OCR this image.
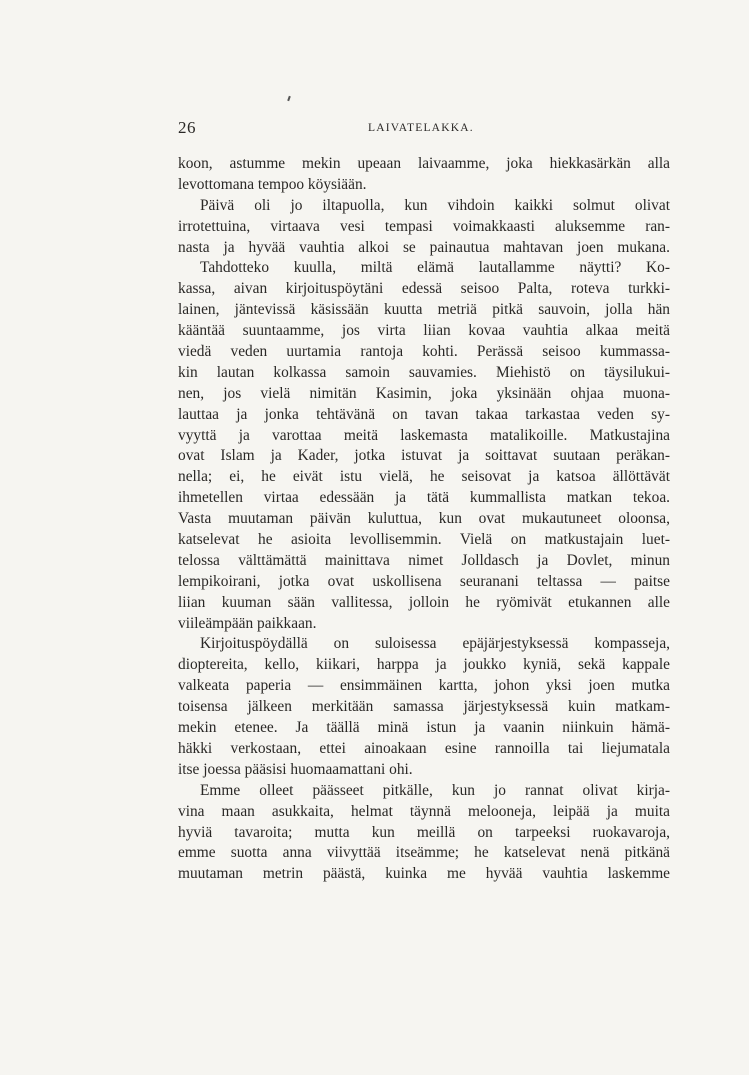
26	LAIVATELAKKA.
koon, astumme mekin upeaan laivaamme, joka hiekkasärkän alla
levottomana tempoo köysiään.
Päivä oli jo iltapuolla, kun vihdoin kaikki solmut olivat
irrotettuina, virtaava vesi tempasi voimakkaasti aluksemme ran-
nasta ja hyvää vauhtia alkoi se painautua mahtavan joen mukana.
Tahdotteko kuulla, miltä elämä lautallamme näytti? Ko-
kassa, aivan kirjoituspöytäni edessä seisoo Palta, roteva turkki-
lainen, jäntevissä käsissään kuutta metriä pitkä sauvoin, jolla hän
kääntää suuntaamme, jos virta liian kovaa vauhtia alkaa meitä
viedä veden uurtamia rantoja kohti. Perässä seisoo kummassa-
kin lautan kolkassa samoin sauvamies. Miehistö on täysilukui-
nen, jos vielä nimitän Kasimin, joka yksinään ohjaa muona-
lauttaa ja jonka tehtävänä on tavan takaa tarkastaa veden sy-
vyyttä ja varottaa meitä laskemasta matalikoille. Matkustajina
ovat Islam ja Kader, jotka istuvat ja soittavat suutaan peräkan-
nella; ei, he eivät istu vielä, he seisovat ja katsoa ällöttävät
ihmetellen virtaa edessään ja tätä kummallista matkan tekoa.
Vasta muutaman päivän kuluttua, kun ovat mukautuneet oloonsa,
katselevat he asioita levollisemmin. Vielä on matkustajain luet-
telossa välttämättä mainittava nimet Jolldasch ja Dovlet, minun
lempikoirani, jotka ovat uskollisena seuranani teltassa — paitse
liian kuuman sään vallitessa, jolloin he ryömivät etukannen alle
viileämpään paikkaan.
Kirjoituspöydällä on suloisessa epäjärjestyksessä kompasseja,
dioptereita, kello, kiikari, harppa ja joukko kyniä, sekä kappale
valkeata paperia — ensimmäinen kartta, johon yksi joen mutka
toisensa jälkeen merkitään samassa järjestyksessä kuin matkam-
mekin etenee. Ja täällä minä istun ja vaanin niinkuin hämä-
häkki verkostaan, ettei ainoakaan esine rannoilla tai liejumatala
itse joessa pääsisi huomaamattani ohi.
Emme olleet päässeet pitkälle, kun jo rannat olivat kirja-
vina maan asukkaita, helmat täynnä melooneja, leipää ja muita
hyviä tavaroita; mutta kun meillä on tarpeeksi ruokavaroja,
emme suotta anna viivyttää itseämme; he katselevat nenä pitkänä
muutaman metrin päästä, kuinka me hyvää vauhtia laskemme
